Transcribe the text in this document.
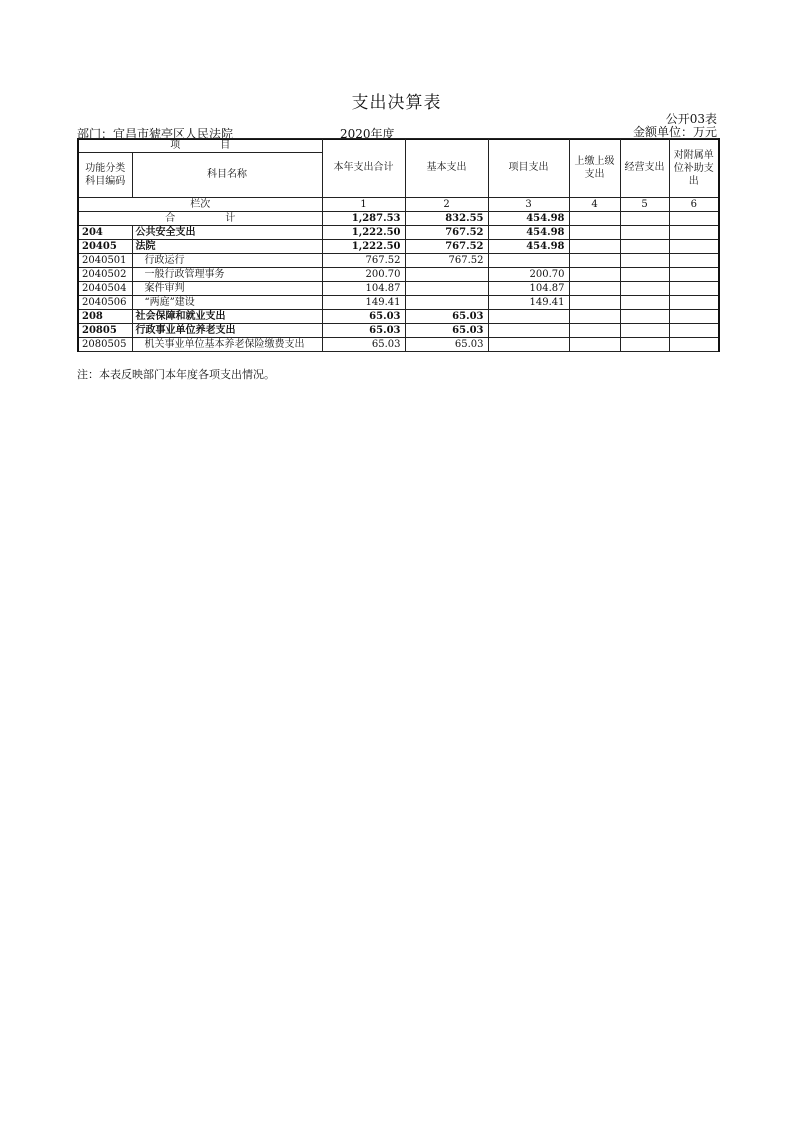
支出决算表
公开03表
部门：宜昌市猇亭区人民法院	2020年度	金额单位：万元
项　　　　目		本年支出合计	基本支出	项目支出	上缴上级支出	经营支出	对附属单位补助支出
功能分类科目编码	科目名称						
栏次		1	2	3	4	5	6
合　　　　　计		1,287.53	832.55	454.98			
204	公共安全支出	1,222.50	767.52	454.98			
20405	法院	1,222.50	767.52	454.98			
2040501	行政运行	767.52	767.52				
2040502	一般行政管理事务	200.70		200.70			
2040504	案件审判	104.87		104.87			
2040506	“两庭”建设	149.41		149.41			
208	社会保障和就业支出	65.03	65.03				
20805	行政事业单位养老支出	65.03	65.03				
2080505	机关事业单位基本养老保险缴费支出	65.03	65.03				
注：本表反映部门本年度各项支出情况。
